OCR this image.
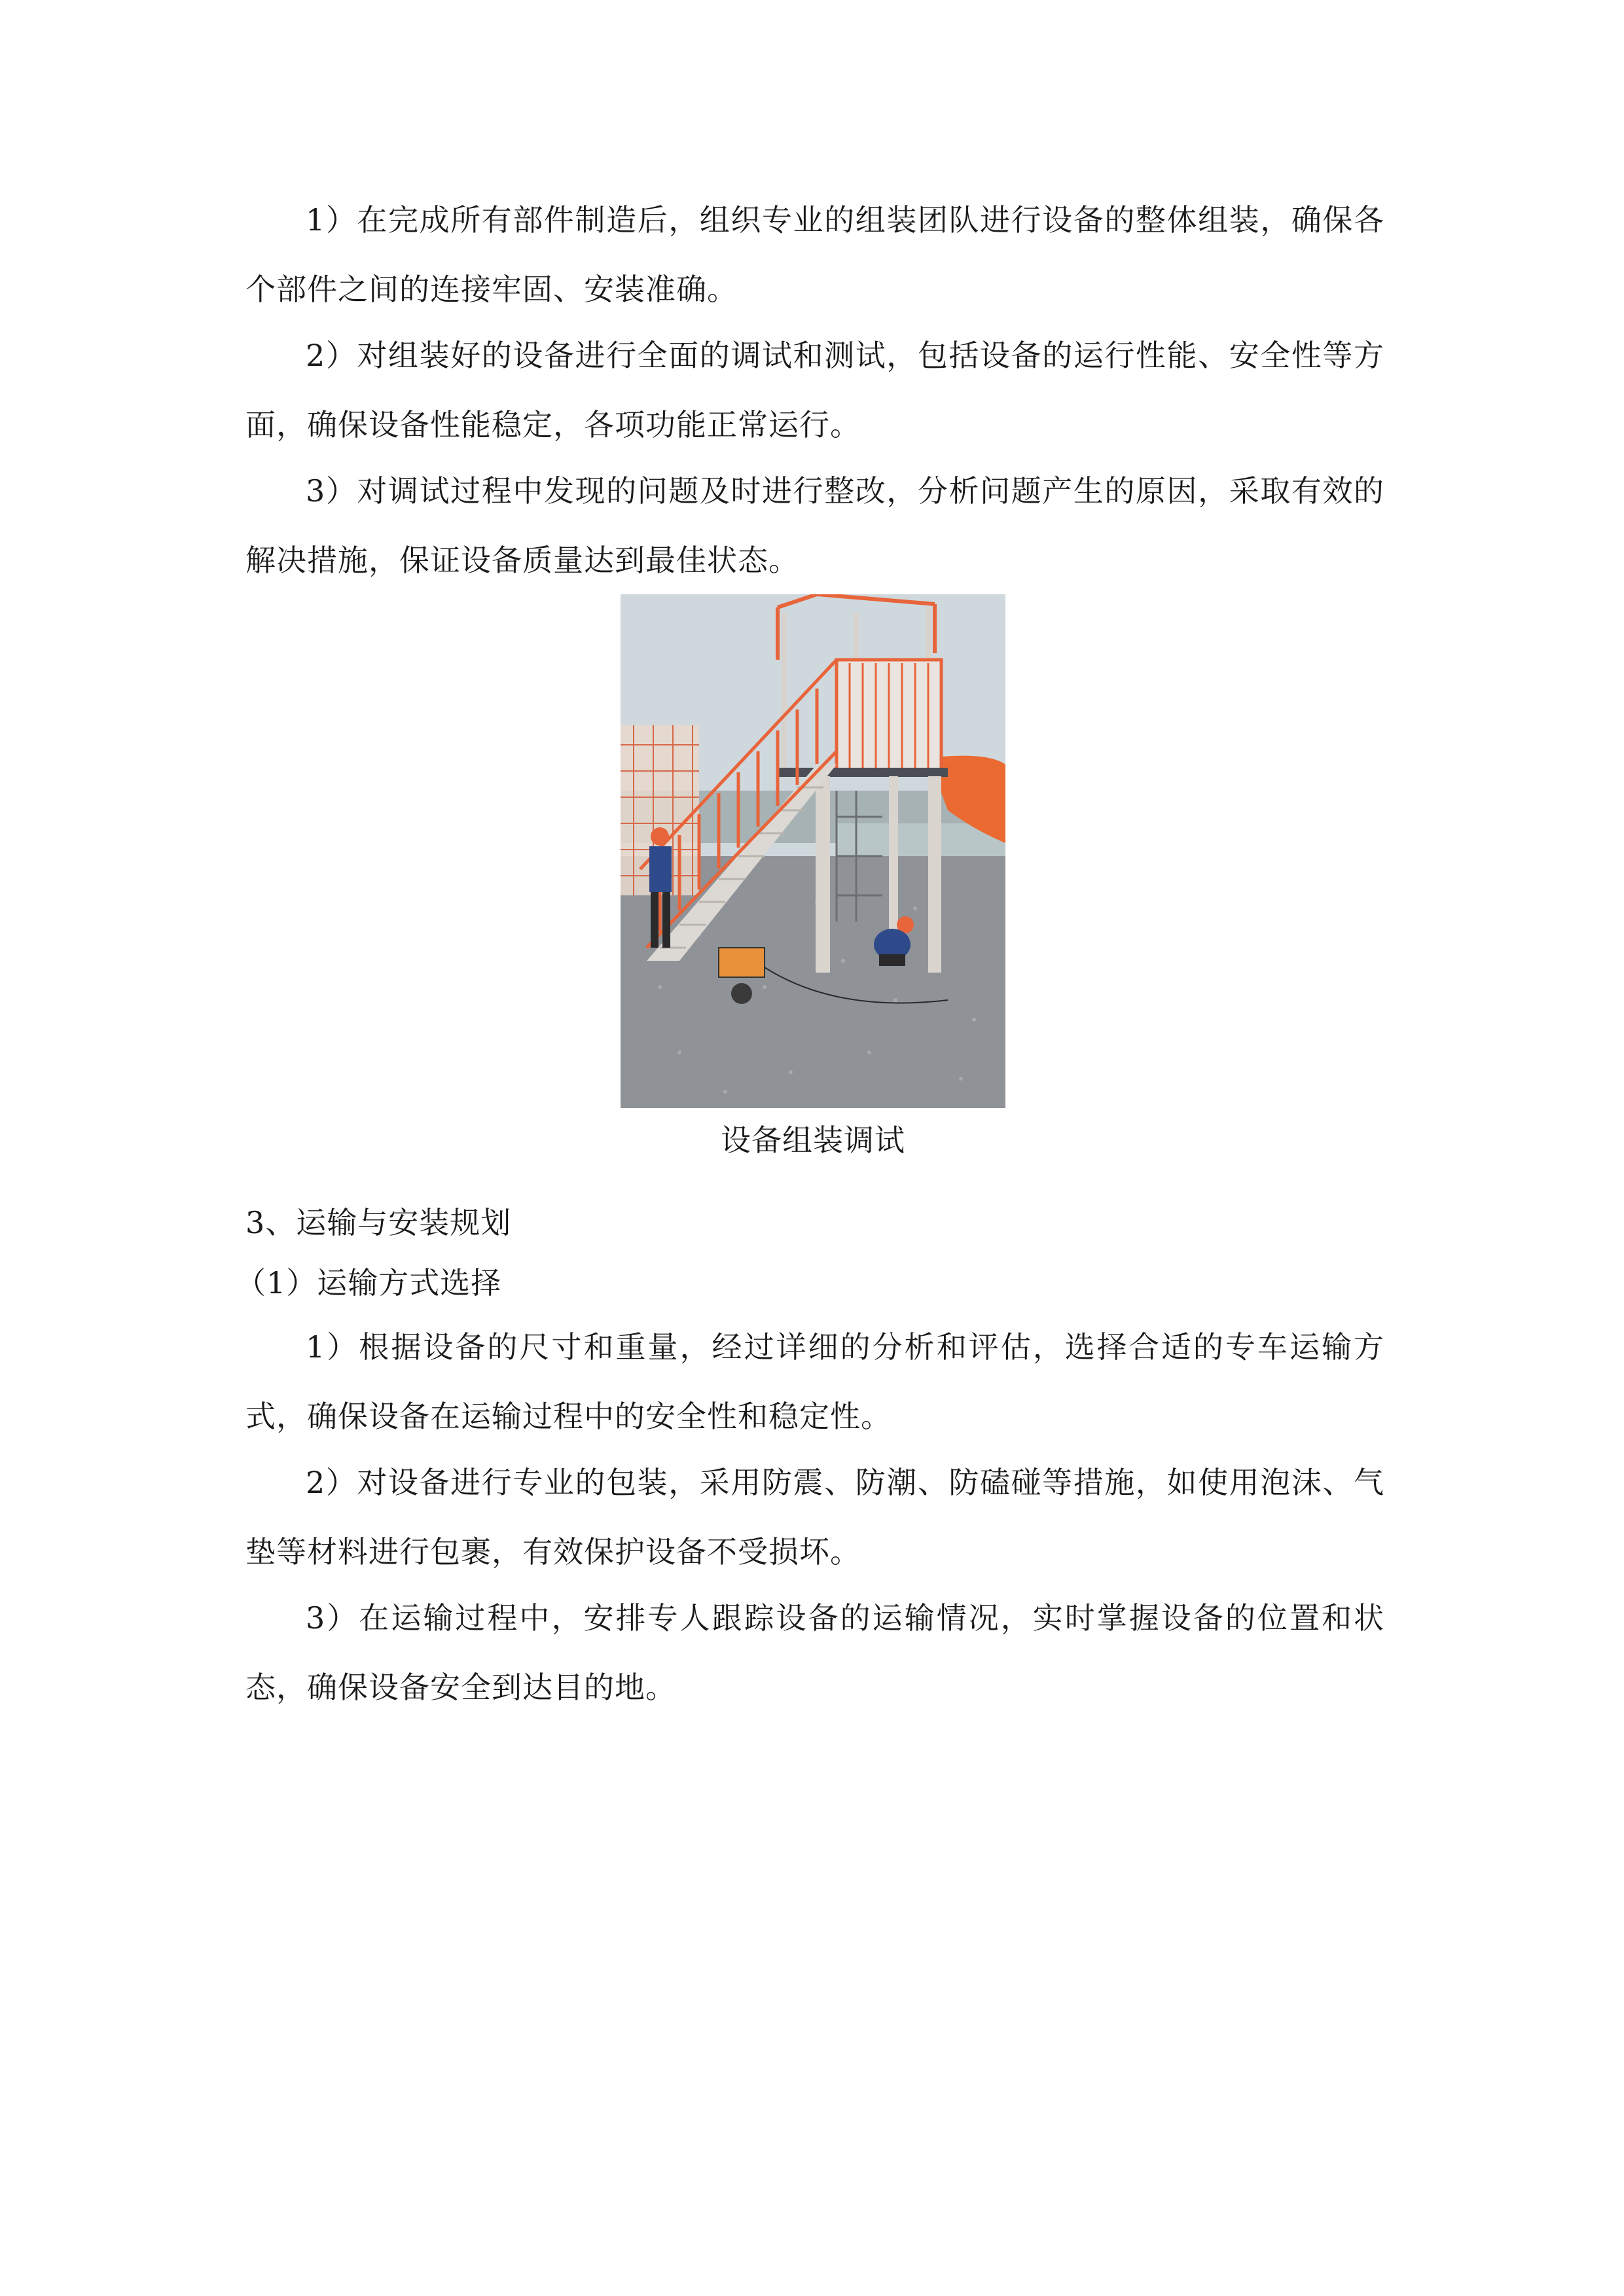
1）在完成所有部件制造后，组织专业的组装团队进行设备的整体组装，确保各个部件之间的连接牢固、安装准确。

2）对组装好的设备进行全面的调试和测试，包括设备的运行性能、安全性等方面，确保设备性能稳定，各项功能正常运行。

3）对调试过程中发现的问题及时进行整改，分析问题产生的原因，采取有效的解决措施，保证设备质量达到最佳状态。

设备组装调试

3、运输与安装规划

（1）运输方式选择

1）根据设备的尺寸和重量，经过详细的分析和评估，选择合适的专车运输方式，确保设备在运输过程中的安全性和稳定性。

2）对设备进行专业的包装，采用防震、防潮、防磕碰等措施，如使用泡沫、气垫等材料进行包裹，有效保护设备不受损坏。

3）在运输过程中，安排专人跟踪设备的运输情况，实时掌握设备的位置和状态，确保设备安全到达目的地。
